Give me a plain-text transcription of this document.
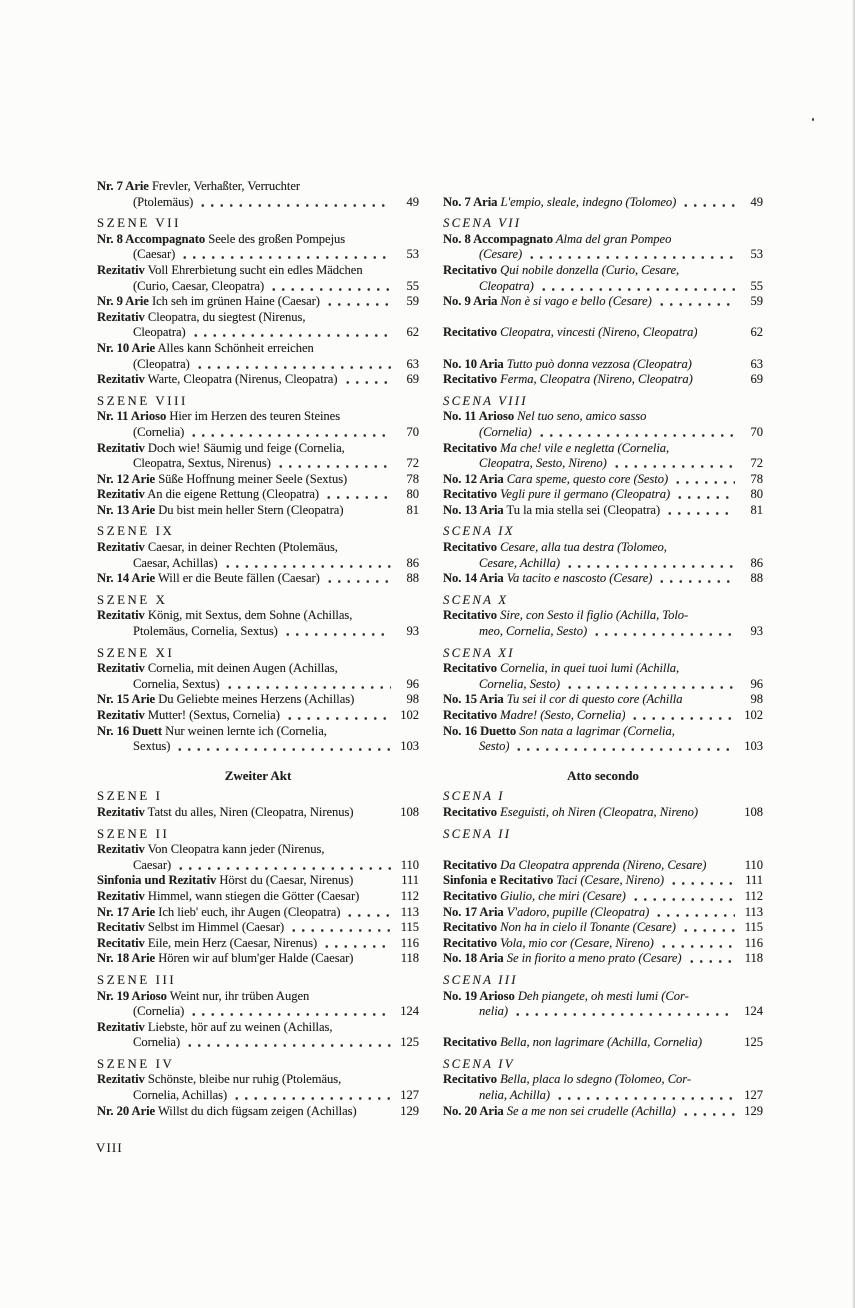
Nr. 7 Arie Frevler, Verhaßter, Verruchter
(Ptolemäus)	49 No. 7 Aria L'empio, sleale, indegno (Tolomeo)	49
SZENE VII	SCENA VII
Nr. 8 Accompagnato Seele des großen Pompejus
(Caesar)	53
No. 8 Accompagnato Alma del gran Pompeo
(Cesare)	53
Rezitativ Voll Ehrerbietung sucht ein edles Mädchen
(Curio, Caesar, Cleopatra)	55
Recitativo Qui nobile donzella (Curio, Cesare,
Cleopatra)	55
Nr. 9 Arie Ich seh im grünen Haine (Caesar)	59 No. 9 Aria Non è si vago e bello (Cesare)	59
Rezitativ Cleopatra, du siegtest (Nirenus,
Cleopatra)	62 Recitativo Cleopatra, vincesti (Nireno, Cleopatra)	62
Nr. 10 Arie Alles kann Schönheit erreichen
(Cleopatra)	63 No. 10 Aria Tutto può donna vezzosa (Cleopatra)	63
Rezitativ Warte, Cleopatra (Nirenus, Cleopatra)	69 Recitativo Ferma, Cleopatra (Nireno, Cleopatra)	69
SZENE VIII	SCENA VIII
Nr. 11 Arioso Hier im Herzen des teuren Steines
(Cornelia)	70
No. 11 Arioso Nel tuo seno, amico sasso
(Cornelia)	70
Rezitativ Doch wie! Säumig und feige (Cornelia,
Cleopatra, Sextus, Nirenus)	72
Recitativo Ma che! vile e negletta (Cornelia,
Cleopatra, Sesto, Nireno)	72
Nr. 12 Arie Süße Hoffnung meiner Seele (Sextus)	78 No. 12 Aria Cara speme, questo core (Sesto)	78
Rezitativ An die eigene Rettung (Cleopatra)	80 Recitativo Vegli pure il germano (Cleopatra)	80
Nr. 13 Arie Du bist mein heller Stern (Cleopatra)	81 No. 13 Aria Tu la mia stella sei (Cleopatra)	81
SZENE IX	SCENA IX
Rezitativ Caesar, in deiner Rechten (Ptolemäus,
Caesar, Achillas)	86
Recitativo Cesare, alla tua destra (Tolomeo,
Cesare, Achilla)	86
Nr. 14 Arie Will er die Beute fällen (Caesar)	88 No. 14 Aria Va tacito e nascosto (Cesare)	88
SZENE X	SCENA X
Rezitativ König, mit Sextus, dem Sohne (Achillas,
Ptolemäus, Cornelia, Sextus)	93
Recitativo Sire, con Sesto il figlio (Achilla, Tolo-
meo, Cornelia, Sesto)	93
SZENE XI	SCENA XI
Rezitativ Cornelia, mit deinen Augen (Achillas,
Cornelia, Sextus)	96
Recitativo Cornelia, in quei tuoi lumi (Achilla,
Cornelia, Sesto)	96
Nr. 15 Arie Du Geliebte meines Herzens (Achillas)	98 No. 15 Aria Tu sei il cor di questo core (Achilla	98
Rezitativ Mutter! (Sextus, Cornelia)	102 Recitativo Madre! (Sesto, Cornelia)	102
Nr. 16 Duett Nur weinen lernte ich (Cornelia,
Sextus)	103
No. 16 Duetto Son nata a lagrimar (Cornelia,
Sesto)	103
Zweiter Akt	Atto secondo
SZENE I	SCENA I
Rezitativ Tatst du alles, Niren (Cleopatra, Nirenus)	108 Recitativo Eseguisti, oh Niren (Cleopatra, Nireno)	108
SZENE II	SCENA II
Rezitativ Von Cleopatra kann jeder (Nirenus,
Caesar)	110 Recitativo Da Cleopatra apprenda (Nireno, Cesare)	110
Sinfonia und Rezitativ Hörst du (Caesar, Nirenus)	111 Sinfonia e Recitativo Taci (Cesare, Nireno)	111
Rezitativ Himmel, wann stiegen die Götter (Caesar)	112 Recitativo Giulio, che miri (Cesare)	112
Nr. 17 Arie Ich lieb' euch, ihr Augen (Cleopatra)	113 No. 17 Aria V'adoro, pupille (Cleopatra)	113
Recitativ Selbst im Himmel (Caesar)	115 Recitativo Non ha in cielo il Tonante (Cesare)	115
Recitativ Eile, mein Herz (Caesar, Nirenus)	116 Recitativo Vola, mio cor (Cesare, Nireno)	116
Nr. 18 Arie Hören wir auf blum'ger Halde (Caesar)	118 No. 18 Aria Se in fiorito a meno prato (Cesare)	118
SZENE III	SCENA III
Nr. 19 Arioso Weint nur, ihr trüben Augen
(Cornelia)	124
No. 19 Arioso Deh piangete, oh mesti lumi (Cor-
nelia)	124
Rezitativ Liebste, hör auf zu weinen (Achillas,
Cornelia)	125 Recitativo Bella, non lagrimare (Achilla, Cornelia)	125
SZENE IV	SCENA IV
Rezitativ Schönste, bleibe nur ruhig (Ptolemäus,
Cornelia, Achillas)	127
Recitativo Bella, placa lo sdegno (Tolomeo, Cor-
nelia, Achilla)	127
Nr. 20 Arie Willst du dich fügsam zeigen (Achillas)	129 No. 20 Aria Se a me non sei crudelle (Achilla)	129
VIII
